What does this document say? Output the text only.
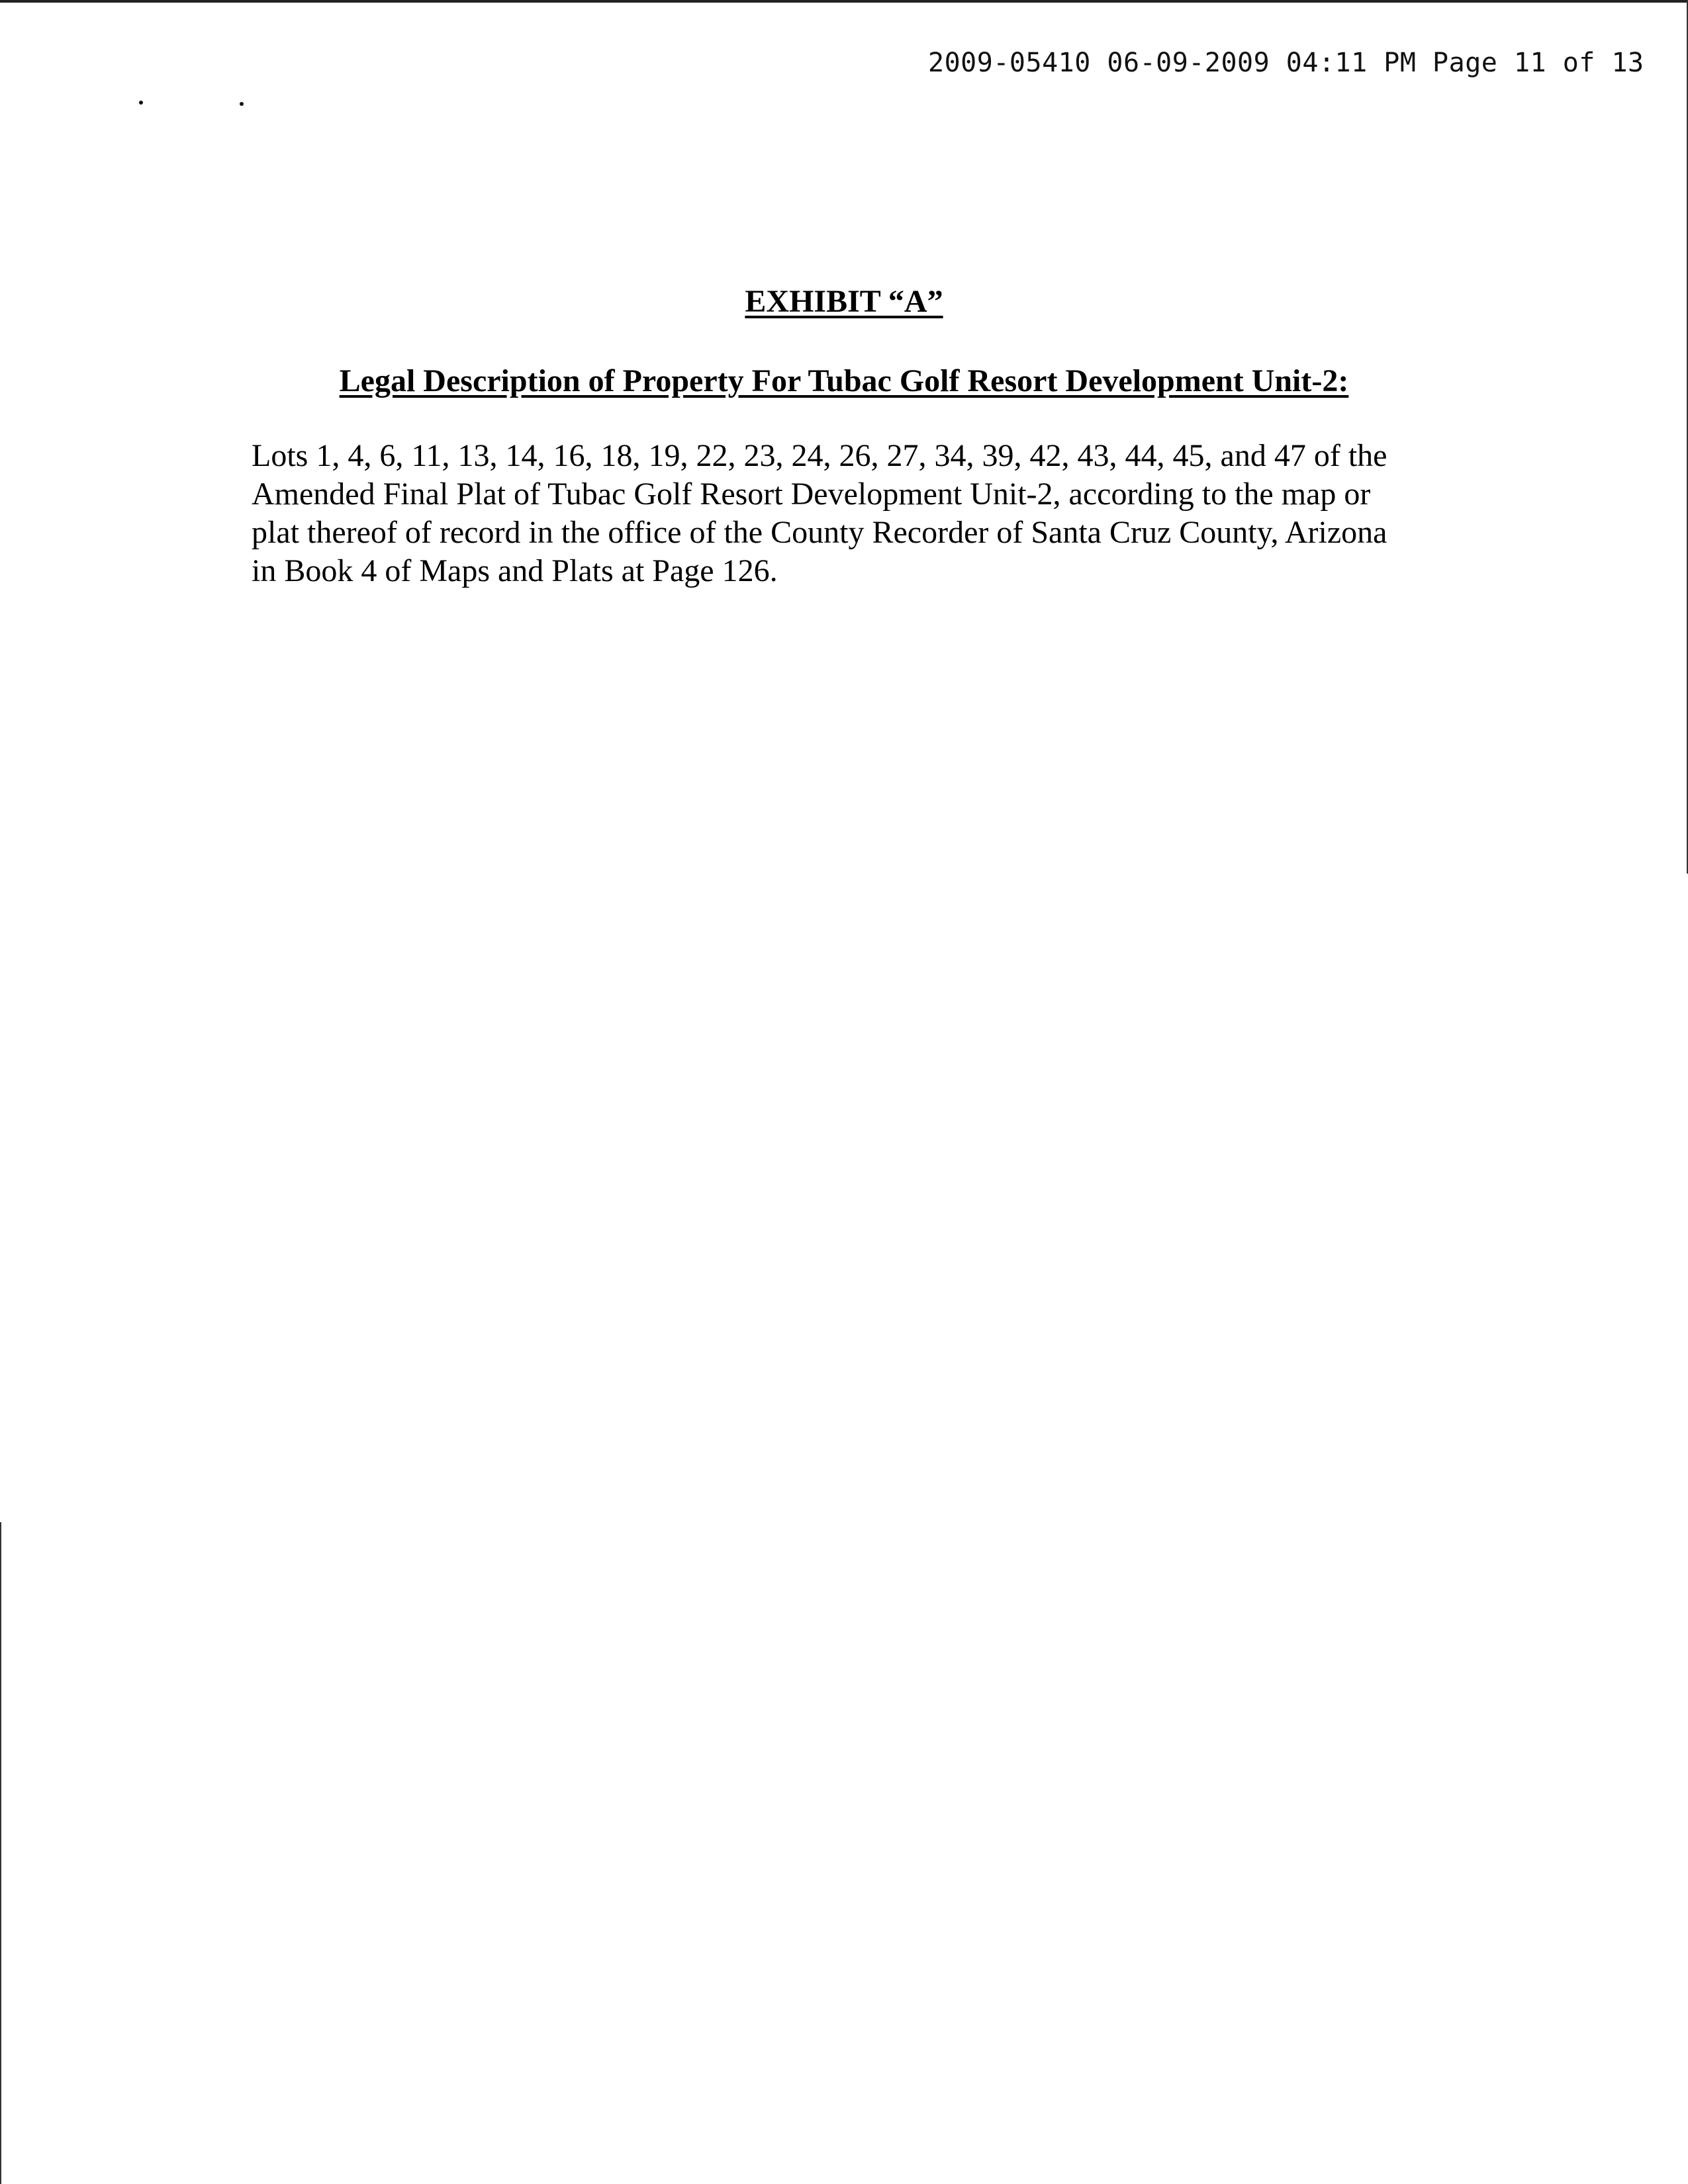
2009-05410 06-09-2009 04:11 PM Page 11 of 13
EXHIBIT “A”
Legal Description of Property For Tubac Golf Resort Development Unit-2:
Lots 1, 4, 6, 11, 13, 14, 16, 18, 19, 22, 23, 24, 26, 27, 34, 39, 42, 43, 44, 45, and 47 of the
Amended Final Plat of Tubac Golf Resort Development Unit-2, according to the map or
plat thereof of record in the office of the County Recorder of Santa Cruz County, Arizona
in Book 4 of Maps and Plats at Page 126.
